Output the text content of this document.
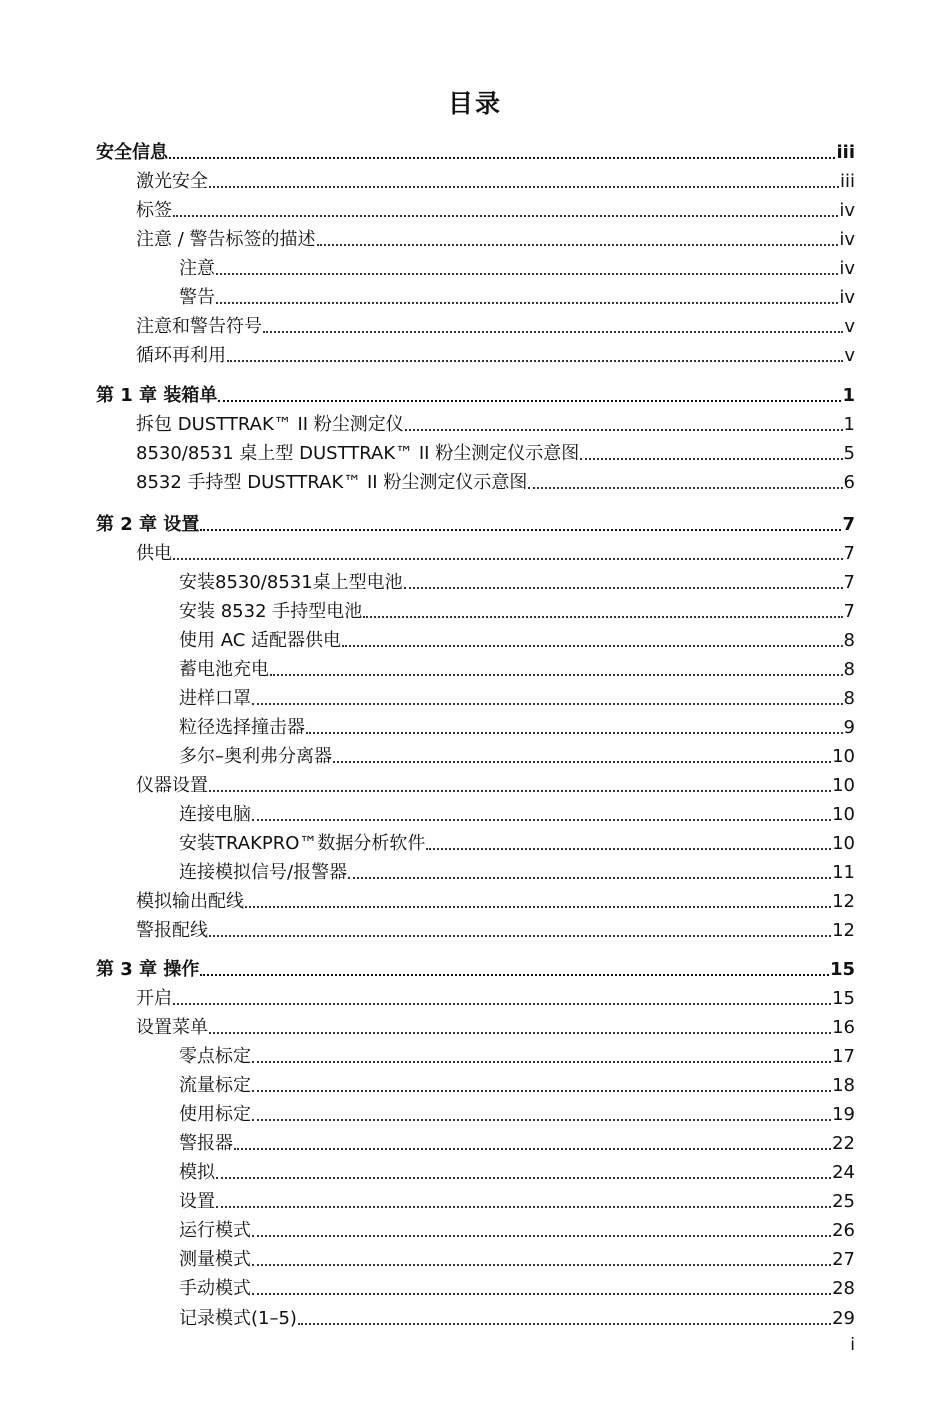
目录
安全信息	iii
激光安全	iii
标签	iv
注意 / 警告标签的描述	iv
注意	iv
警告	iv
注意和警告符号	v
循环再利用	v
第 1 章 装箱单	1
拆包 DUSTTRAK™ II 粉尘测定仪	1
8530/8531 桌上型 DUSTTRAK™ II 粉尘测定仪示意图	5
8532 手持型 DUSTTRAK™ II 粉尘测定仪示意图	6
第 2 章 设置	7
供电	7
安装8530/8531桌上型电池	7
安装 8532 手持型电池	7
使用 AC 适配器供电	8
蓄电池充电	8
进样口罩	8
粒径选择撞击器	9
多尔–奥利弗分离器	10
仪器设置	10
连接电脑	10
安装TRAKPRO™数据分析软件	10
连接模拟信号/报警器	11
模拟输出配线	12
警报配线	12
第 3 章 操作	15
开启	15
设置菜单	16
零点标定	17
流量标定	18
使用标定	19
警报器	22
模拟	24
设置	25
运行模式	26
测量模式	27
手动模式	28
记录模式(1–5)	29
i
